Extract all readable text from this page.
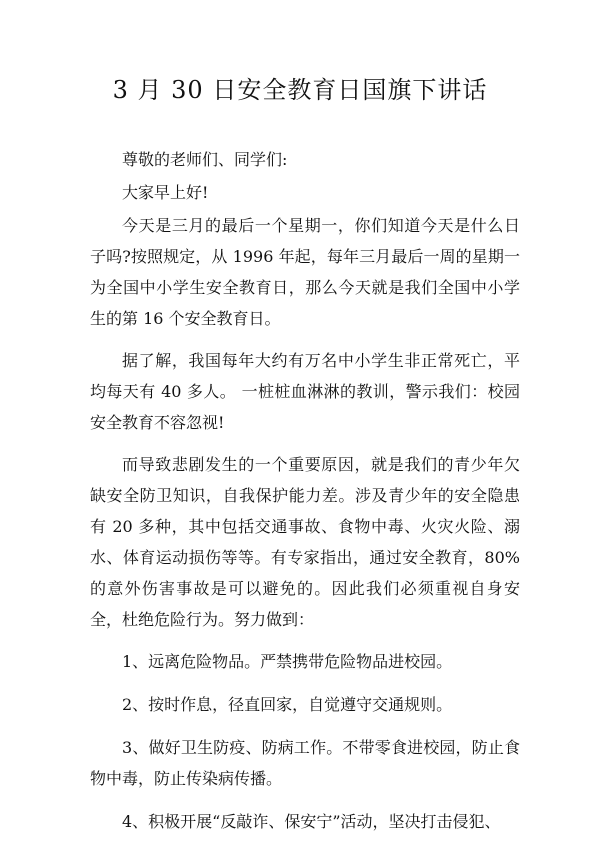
3 月 30 日安全教育日国旗下讲话

尊敬的老师们、同学们:

大家早上好!

今天是三月的最后一个星期一，你们知道今天是什么日子吗?按照规定，从 1996 年起，每年三月最后一周的星期一为全国中小学生安全教育日，那么今天就是我们全国中小学生的第 16 个安全教育日。

据了解，我国每年大约有万名中小学生非正常死亡，平均每天有 40 多人。 一桩桩血淋淋的教训，警示我们：校园安全教育不容忽视!

而导致悲剧发生的一个重要原因，就是我们的青少年欠缺安全防卫知识，自我保护能力差。涉及青少年的安全隐患有 20 多种，其中包括交通事故、食物中毒、火灾火险、溺水、体育运动损伤等等。有专家指出，通过安全教育，80%的意外伤害事故是可以避免的。因此我们必须重视自身安全，杜绝危险行为。努力做到：

1、远离危险物品。严禁携带危险物品进校园。

2、按时作息，径直回家，自觉遵守交通规则。

3、做好卫生防疫、防病工作。不带零食进校园，防止食物中毒，防止传染病传播。

4、积极开展“反敲诈、保安宁”活动，坚决打击侵犯、
